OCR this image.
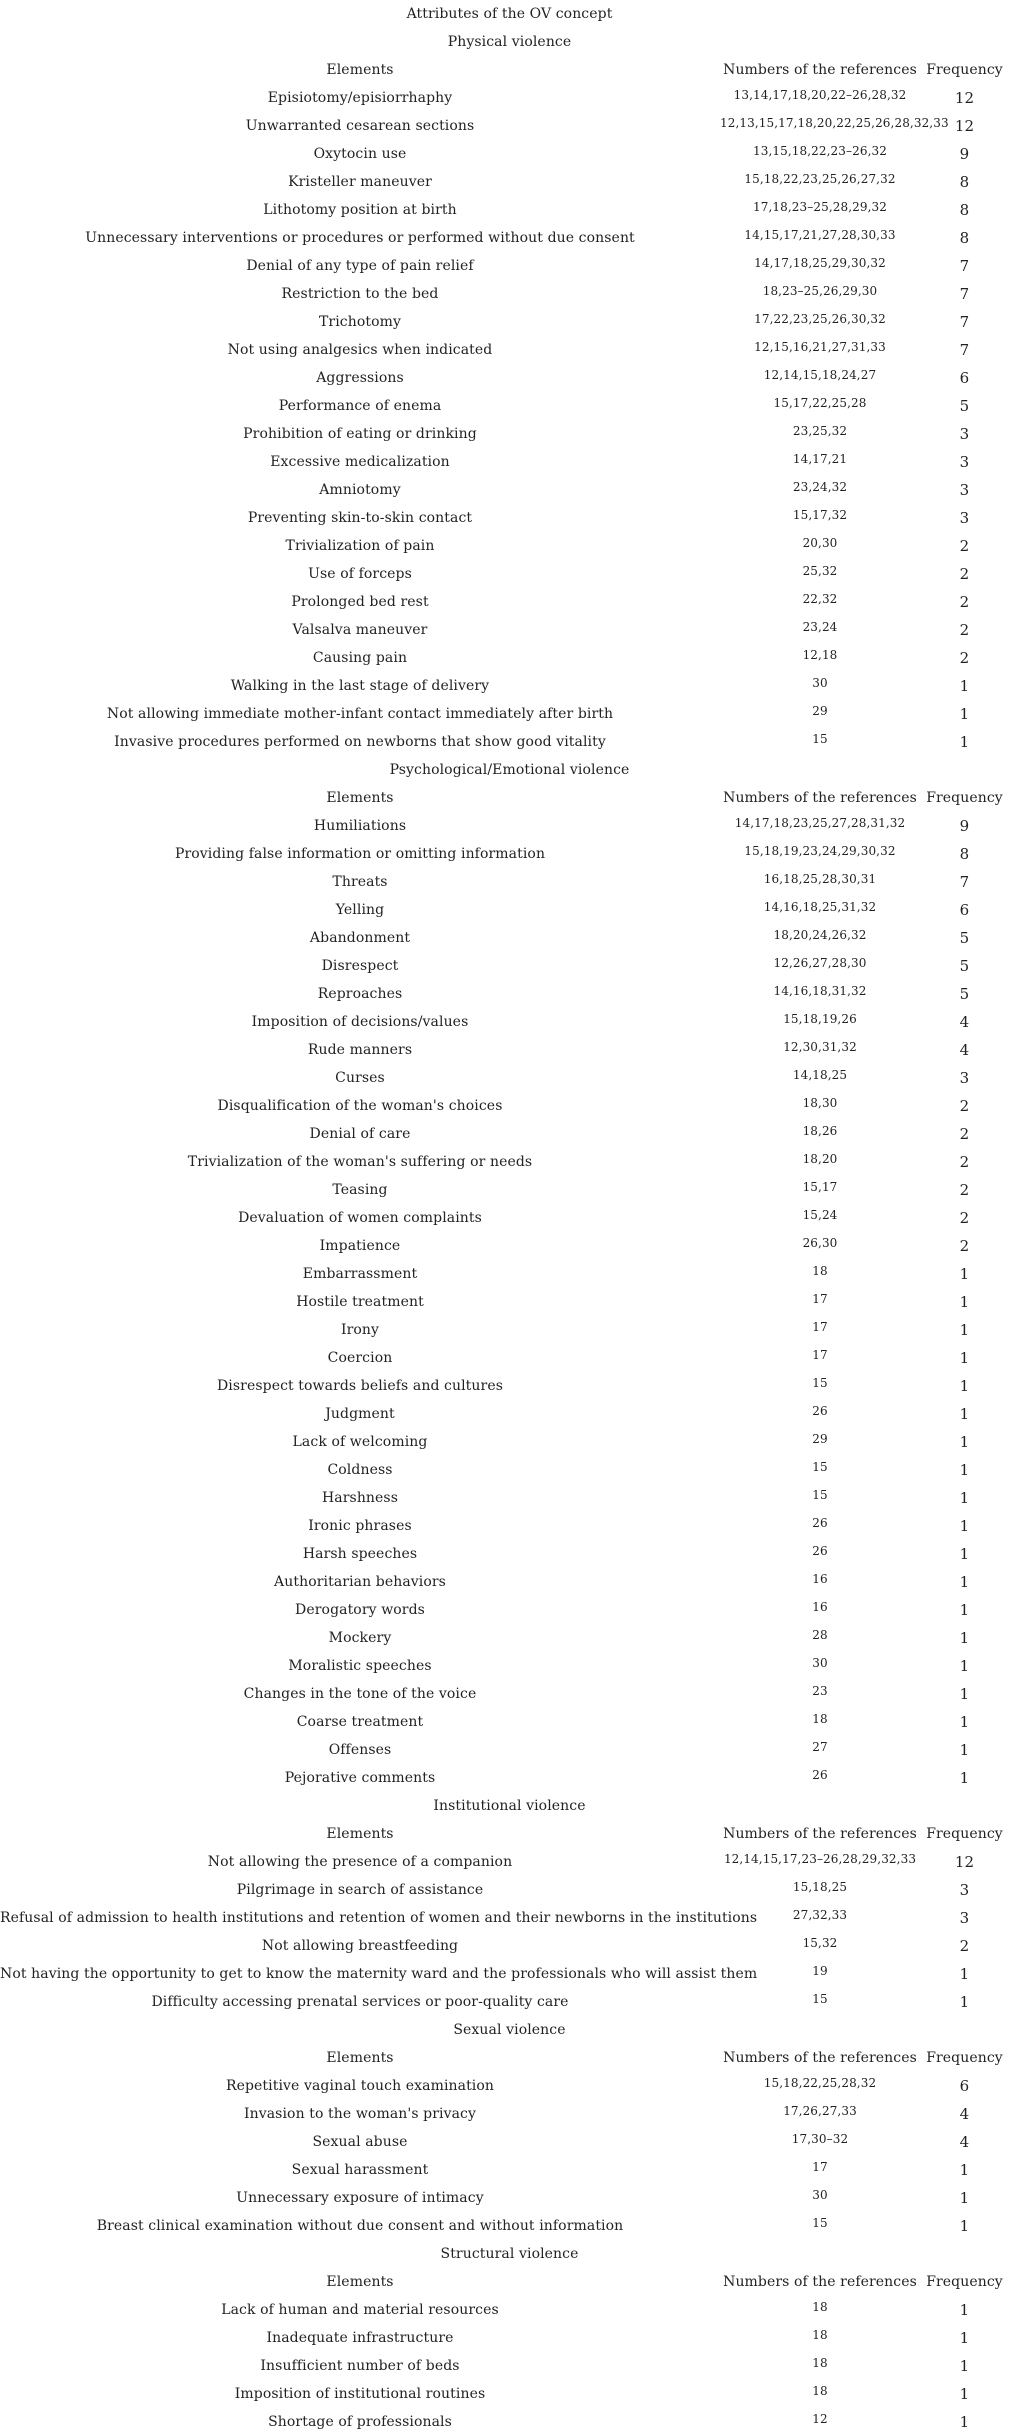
Attributes of the OV concept
Physical violence
Elements	Numbers of the references Frequency
Episiotomy/episiorrhaphy	13,14,17,18,20,22–26,28,32	12
Unwarranted cesarean sections	12,13,15,17,18,20,22,25,26,28,32,33 12
Oxytocin use	13,15,18,22,23–26,32	9
Kristeller maneuver	15,18,22,23,25,26,27,32	8
Lithotomy position at birth	17,18,23–25,28,29,32	8
Unnecessary interventions or procedures or performed without due consent	14,15,17,21,27,28,30,33	8
Denial of any type of pain relief	14,17,18,25,29,30,32	7
Restriction to the bed	18,23–25,26,29,30	7
Trichotomy	17,22,23,25,26,30,32	7
Not using analgesics when indicated	12,15,16,21,27,31,33	7
Aggressions	12,14,15,18,24,27	6
Performance of enema	15,17,22,25,28	5
Prohibition of eating or drinking	23,25,32	3
Excessive medicalization	14,17,21	3
Amniotomy	23,24,32	3
Preventing skin-to-skin contact	15,17,32	3
Trivialization of pain	20,30	2
Use of forceps	25,32	2
Prolonged bed rest	22,32	2
Valsalva maneuver	23,24	2
Causing pain	12,18	2
Walking in the last stage of delivery	30	1
Not allowing immediate mother-infant contact immediately after birth	29	1
Invasive procedures performed on newborns that show good vitality	15	1
Psychological/Emotional violence
Elements	Numbers of the references Frequency
Humiliations	14,17,18,23,25,27,28,31,32	9
Providing false information or omitting information	15,18,19,23,24,29,30,32	8
Threats	16,18,25,28,30,31	7
Yelling	14,16,18,25,31,32	6
Abandonment	18,20,24,26,32	5
Disrespect	12,26,27,28,30	5
Reproaches	14,16,18,31,32	5
Imposition of decisions/values	15,18,19,26	4
Rude manners	12,30,31,32	4
Curses	14,18,25	3
Disqualification of the woman's choices	18,30	2
Denial of care	18,26	2
Trivialization of the woman's suffering or needs	18,20	2
Teasing	15,17	2
Devaluation of women complaints	15,24	2
Impatience	26,30	2
Embarrassment	18	1
Hostile treatment	17	1
Irony	17	1
Coercion	17	1
Disrespect towards beliefs and cultures	15	1
Judgment	26	1
Lack of welcoming	29	1
Coldness	15	1
Harshness	15	1
Ironic phrases	26	1
Harsh speeches	26	1
Authoritarian behaviors	16	1
Derogatory words	16	1
Mockery	28	1
Moralistic speeches	30	1
Changes in the tone of the voice	23	1
Coarse treatment	18	1
Offenses	27	1
Pejorative comments	26	1
Institutional violence
Elements	Numbers of the references Frequency
Not allowing the presence of a companion	12,14,15,17,23–26,28,29,32,33	12
Pilgrimage in search of assistance	15,18,25	3
Refusal of admission to health institutions and retention of women and their newborns in the institutions	27,32,33	3
Not allowing breastfeeding	15,32	2
Not having the opportunity to get to know the maternity ward and the professionals who will assist them	19	1
Difficulty accessing prenatal services or poor-quality care	15	1
Sexual violence
Elements	Numbers of the references Frequency
Repetitive vaginal touch examination	15,18,22,25,28,32	6
Invasion to the woman's privacy	17,26,27,33	4
Sexual abuse	17,30–32	4
Sexual harassment	17	1
Unnecessary exposure of intimacy	30	1
Breast clinical examination without due consent and without information	15	1
Structural violence
Elements	Numbers of the references Frequency
Lack of human and material resources	18	1
Inadequate infrastructure	18	1
Insufficient number of beds	18	1
Imposition of institutional routines	18	1
Shortage of professionals	12	1
